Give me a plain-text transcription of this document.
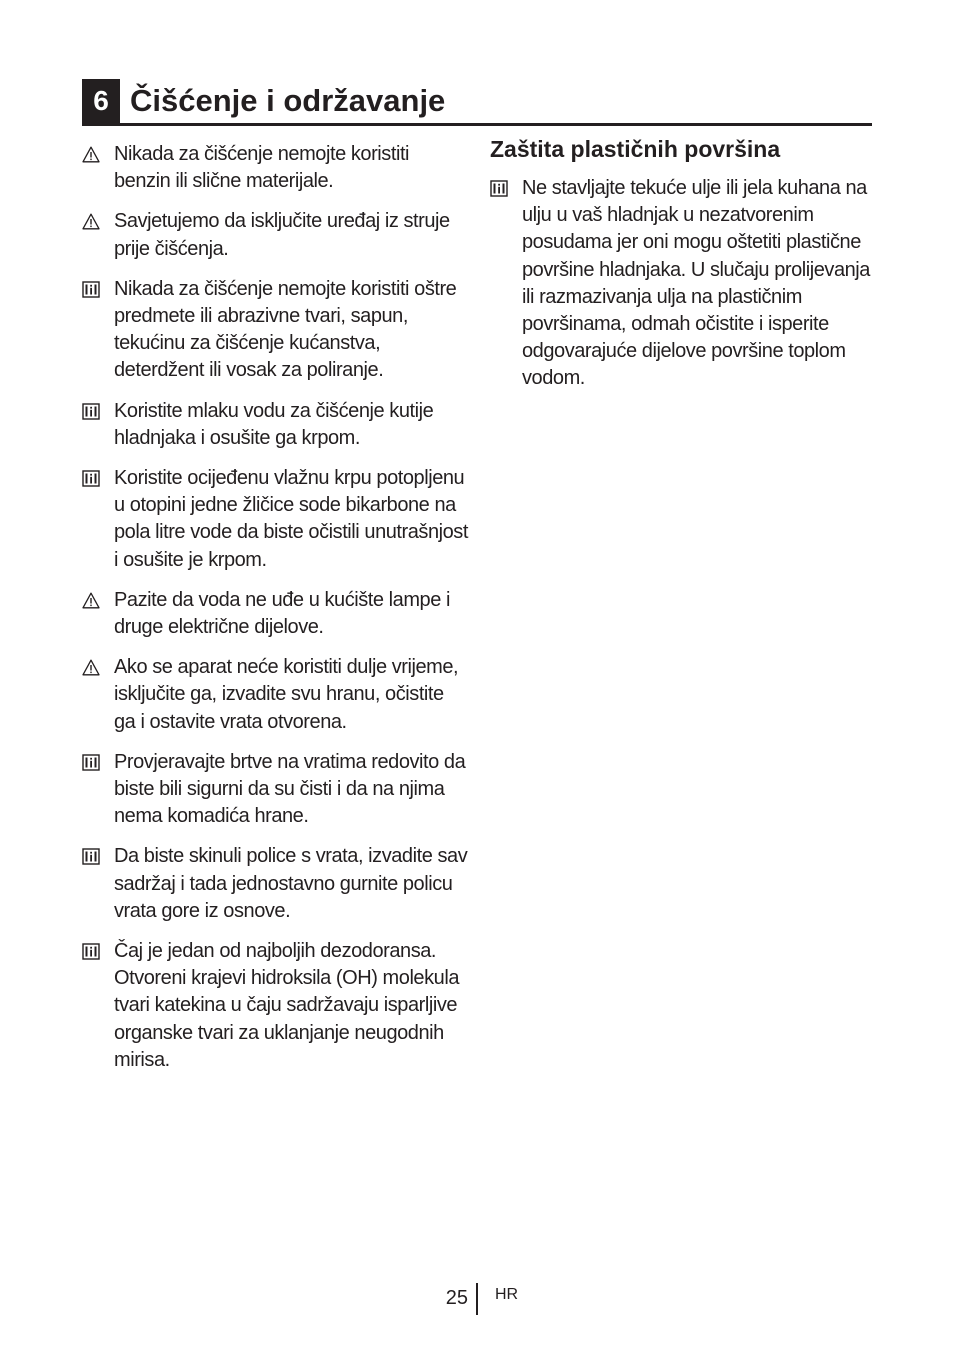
6 Čišćenje i održavanje
Nikada za čišćenje nemojte koristiti benzin ili slične materijale.
Savjetujemo da isključite uređaj iz struje prije čišćenja.
Nikada za čišćenje nemojte koristiti oštre predmete ili abrazivne tvari, sapun, tekućinu za čišćenje kućanstva, deterdžent ili vosak za poliranje.
Koristite mlaku vodu za čišćenje kutije hladnjaka i osušite ga krpom.
Koristite ocijeđenu vlažnu krpu potopljenu u otopini jedne žličice sode bikarbone na pola litre vode da biste očistili unutrašnjost i osušite je krpom.
Pazite da voda ne uđe u kućište lampe i druge električne dijelove.
Ako se aparat neće koristiti dulje vrijeme, isključite ga, izvadite svu hranu, očistite ga i ostavite vrata otvorena.
Provjeravajte brtve na vratima redovito da biste bili sigurni da su čisti i da na njima nema komadića hrane.
Da biste skinuli police s vrata, izvadite sav sadržaj i tada jednostavno gurnite policu vrata gore iz osnove.
Čaj je jedan od najboljih dezodoransa. Otvoreni krajevi hidroksila (OH) molekula tvari katekina u čaju sadržavaju isparljive organske tvari za uklanjanje neugodnih mirisa.
Zaštita plastičnih površina
Ne stavljajte tekuće ulje ili jela kuhana na ulju u vaš hladnjak u nezatvorenim posudama jer oni mogu oštetiti plastične površine hladnjaka. U slučaju prolijevanja ili razmazivanja ulja na plastičnim površinama, odmah očistite i isperite odgovarajuće dijelove površine toplom vodom.
25 HR
